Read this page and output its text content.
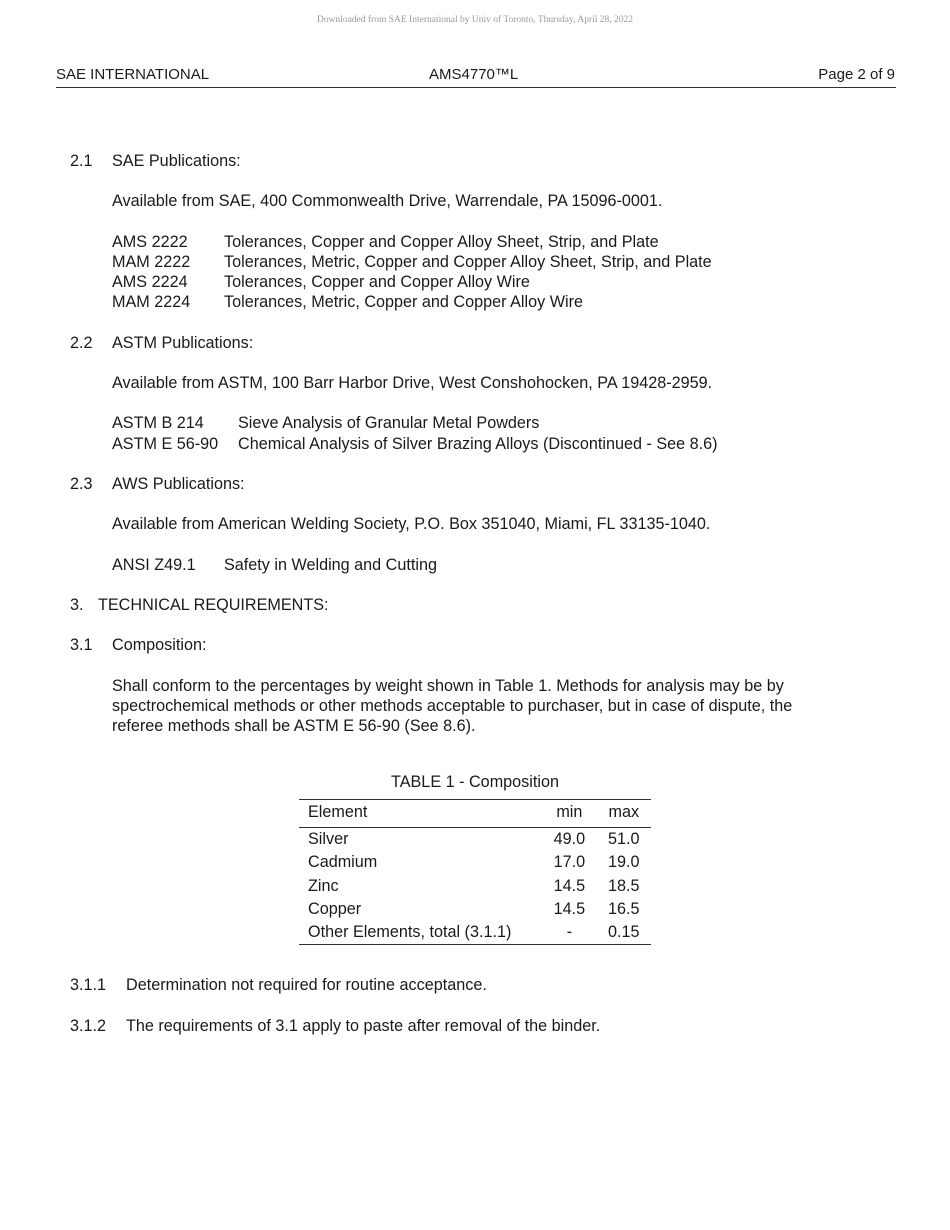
Downloaded from SAE International by Univ of Toronto, Thursday, April 28, 2022
SAE INTERNATIONAL	AMS4770™L	Page 2 of 9
2.1 SAE Publications:
Available from SAE, 400 Commonwealth Drive, Warrendale, PA 15096-0001.
AMS 2222 Tolerances, Copper and Copper Alloy Sheet, Strip, and Plate
MAM 2222 Tolerances, Metric, Copper and Copper Alloy Sheet, Strip, and Plate
AMS 2224 Tolerances, Copper and Copper Alloy Wire
MAM 2224 Tolerances, Metric, Copper and Copper Alloy Wire
2.2 ASTM Publications:
Available from ASTM, 100 Barr Harbor Drive, West Conshohocken, PA 19428-2959.
ASTM B 214 Sieve Analysis of Granular Metal Powders
ASTM E 56-90 Chemical Analysis of Silver Brazing Alloys (Discontinued - See 8.6)
2.3 AWS Publications:
Available from American Welding Society, P.O. Box 351040, Miami, FL 33135-1040.
ANSI Z49.1 Safety in Welding and Cutting
3. TECHNICAL REQUIREMENTS:
3.1 Composition:
Shall conform to the percentages by weight shown in Table 1. Methods for analysis may be by spectrochemical methods or other methods acceptable to purchaser, but in case of dispute, the referee methods shall be ASTM E 56-90 (See 8.6).
TABLE 1 - Composition
Element	min	max
Silver	49.0	51.0
Cadmium	17.0	19.0
Zinc	14.5	18.5
Copper	14.5	16.5
Other Elements, total (3.1.1)	-	0.15
3.1.1 Determination not required for routine acceptance.
3.1.2 The requirements of 3.1 apply to paste after removal of the binder.
